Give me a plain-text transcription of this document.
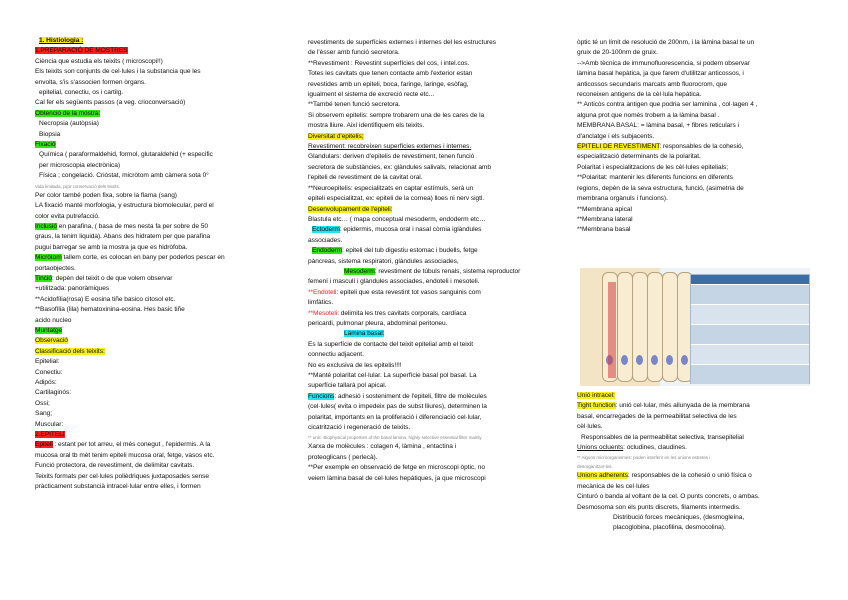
1. Histiologia :
1.PREPARACIÓ DE MOSTRES
Ciència que estudia els teixits ( microscopi!!)
Els teixits son conjunts de cel·lules i la substancia que les
envolta, s'is s'associen formen òrgans.
epitelial, conectiu, os i cartilg.
Cal fer els següents passos (a veg. crioconversació)
Obtenció de la mostra:
Necropsia (autòpsia)
Biopsia
Fixació
Química ( paraformaldehid, formol, glutaraldehid (+ especific
per microscopia electrònica)
Física ; congelació. Criòstat, micròtom amb càmera sota 0°
Vida limitada, pijor conservació dels teixits.
Per color també poden fixa, sobre la flama (sang)
LA fixació manté morfologia, y estructura biomolecular, perd el
color evita putrefacció.
Inclusió en parafina, ( basa de mes nesta fa per sobre de 50
graus, la tenim liquida). Abans des hidratem per que parafina
pugui barregar se amb la mostra ja que es hidròfoba.
Micròtom tallem corte, es colocan en bany per poderlos pescar en
portaobjectes.
Tinció: depèn del teixit o de que volem observar
+utilitzada: panoràmiques
**Acidofília(rosa) E eosina tiñe basico citosol etc.
**Basofília (lila) hematoxinina-eosina. Hes basic tiñe
acido nucleo
Muntatge
Observació
Classificació dels teixits:
Epitelial:
Conectiu:
Adipós:
Cartilaginós:
Ossi;
Sang;
Muscular:
2.EPITELI
Epiteli : estant per tot arreu, el més conegut , l'epidermis. A la
mucosa oral tb mèt tenim epiteli mucosa oral, fetge, vasos etc.
Funció protectora, de revestiment, de delimitar cavitats.
Teixits formats per cel·lules polièdriques juxtaposades sense
pràcticament substancià intracel·lular entre elles, i formen
revestiments de superfícies externes i internes del les estructures
de l'èsser amb funció secretora.
**Revestiment : Revestint superfícies del cos, i intel.cos.
Totes les cavitats que tenen contacte amb l'exterior estan
revestides amb un epiteli, boca, faringe, laringe, esòfag,
igualment el sistema de excreció recte etc...
**També tenen funció secretora.
Si observem epitelis: sempre trobarem una de les cares de la
mostra lliure. Així identifiquem els teixits.
Diversitat d'epitelis;
Revestiment: recobreixen superfícies externes i internes.
Glandulars: deriven d'epitelis de revestiment, tenen funció
secretora de substàncies, ex: glàndules salivals, relacionat amb
l'epiteli de revestiment de la cavitat oral.
**Neuroepitelis: especialitzats en captar estímuls, serà un
epiteli especialitzat, ex: epiteli de la cornea) lloes ni nerv sigtl.
Desenvolupament de l'epiteli:
Blastula etc… ( mapa conceptual mesoderm, endoderm etc…
Ectoderm: epidermis, mucosa oral i nasal còrnia iglàndules
associades.
Endoderm: epiteli del tub digestiu estomac i budells, fetge
pàncreas, sistema respiratori, glàndules associades,
Mesoderm: revestiment de túbuls renals, sistema reproductor
femení i masculí i glàndules associades, endoteli i mesoteli.
**Endoteli: epiteli que esta revestint tot vasos sanguinis com
limfàtics.
**Mesoteli: delimita les tres cavitats corporals, cardíaca
pericardi, pulmonar pleura, abdominal peritoneu.
Làmina basal:
Es la superfície de contacte del teixit epitelial amb el teixit
connectiu adjacent.
No es exclusiva de les epitelis!!!!
**Manté polaritat cel·lular. La superfície basal pol basal. La
superfície tallarà pol apical.
Funcions: adhesió i sosteniment de l'epiteli, filtre de molècules
(cel·lules( evita o impedeix pas de subst lliures), determinen la
polaritat, importants en la proliferació i diferenciació cel·lular,
cicatrització i regeneració de teixits.
** unic: Biophysical properties of the basal lamina. highly selective essential filter mainly
Xarxa de molècules : colagen 4, làmina , entactina i
proteoglicans ( perlecà).
**Per exemple en observació de fetge en microscopi òptic, no
veiem làmina basal de cel·lules hepàtiques, ja que microscopi
òptic té un límit de resolució de 200nm, i la làmina basal te un
gruix de 20-100nm de gruix.
-->Amb tècnica de immunofluorescencia, si podem observar
làmina basal hepàtica, ja que farem d'utilitzar anticossos, i
anticossos secundaris marcats amb fluorocrom, que
reconeixen antigens de la cèl·lula hepàtica.
** Anticòs contra antigen que podria ser laminina , col·lagen 4 ,
alguna prot que només trobem a la làmina basal .
MEMBRANA BASAL: = làmina basal, + fibres reticulars i
d'anclatge i els subjacents.
EPITELI DE REVESTIMENT: responsables de la cohesió,
especialització determinants de la polaritat.
Polaritat i especialitzacions de les cèl·lules epitelials;
**Polaritat: mantenir les diferents funcions en diferents
regions, depèn de la seva estructura, funció, (asimetria de
membrana orgànuls i funcions).
**Membrana apical
**Membrana lateral
**Membrana basal
Unió intracel:
Tight function: unió cel·lular, més allunyada de la membrana
basal, encarregades de la permeabilitat selectiva de les
cèl·lules.
Responsables de la permeabilitat selectiva, transepitelial
Unions ocluents: ocludines, claudines.
** Alguns microorganismes: poden interferir en les unions estretes i
desorganitzar-les.
Unions adherents: responsables de la cohesió o unió física o
mecànica de les cel·lules
Cinturó o banda al voltant de la cel. O punts concrets, o ambas.
Desmosoma son els punts discrets, filaments intermedis.
Distribució forces mecàniques, (desmogleína,
placoglobina, placofilina, desmocolina).
